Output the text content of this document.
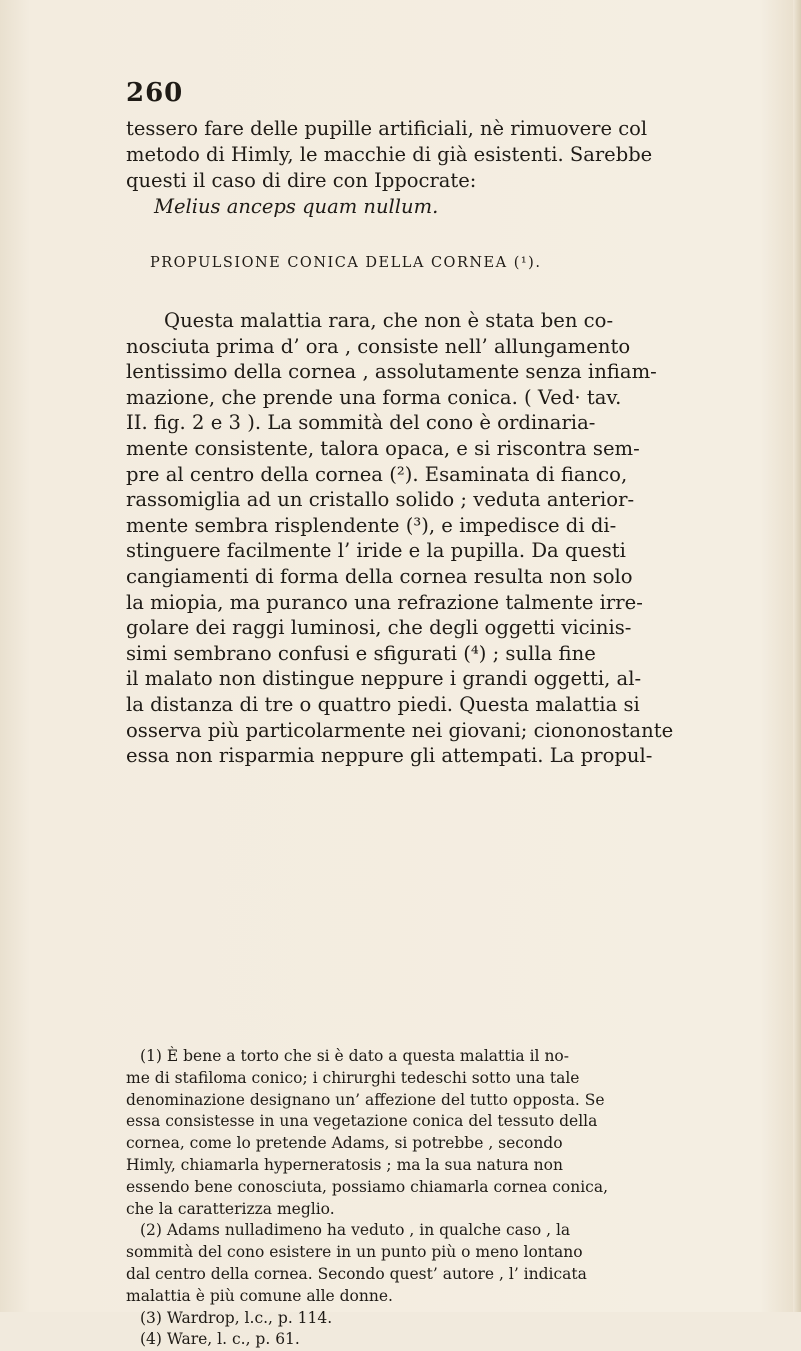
260
tessero fare delle pupille artificiali, nè rimuovere col
metodo di Himly, le macchie di già esistenti. Sarebbe
questi il caso di dire con Ippocrate:
Melius anceps quam nullum.
PROPULSIONE CONICA DELLA CORNEA (¹).
Questa malattia rara, che non è stata ben co-
nosciuta prima d’ ora , consiste nell’ allungamento
lentissimo della cornea , assolutamente senza infiam-
mazione, che prende una forma conica. ( Ved· tav.
II. fig. 2 e 3 ). La sommità del cono è ordinaria-
mente consistente, talora opaca, e si riscontra sem-
pre al centro della cornea (²). Esaminata di fianco,
rassomiglia ad un cristallo solido ; veduta anterior-
mente sembra risplendente (³), e impedisce di di-
stinguere facilmente l’ iride e la pupilla. Da questi
cangiamenti di forma della cornea resulta non solo
la miopia, ma puranco una refrazione talmente irre-
golare dei raggi luminosi, che degli oggetti vicinis-
simi sembrano confusi e sfigurati (⁴) ; sulla fine
il malato non distingue neppure i grandi oggetti, al-
la distanza di tre o quattro piedi. Questa malattia si
osserva più particolarmente nei giovani; ciononostante
essa non risparmia neppure gli attempati. La propul-
(1) È bene a torto che si è dato a questa malattia il no-
me di stafiloma conico; i chirurghi tedeschi sotto una tale
denominazione designano un’ affezione del tutto opposta. Se
essa consistesse in una vegetazione conica del tessuto della
cornea, come lo pretende Adams, si potrebbe , secondo
Himly, chiamarla hyperneratosis ; ma la sua natura non
essendo bene conosciuta, possiamo chiamarla cornea conica,
che la caratterizza meglio.
(2) Adams nulladimeno ha veduto , in qualche caso , la
sommità del cono esistere in un punto più o meno lontano
dal centro della cornea. Secondo quest’ autore , l’ indicata
malattia è più comune alle donne.
(3) Wardrop, l.c., p. 114.
(4) Ware, l. c., p. 61.
